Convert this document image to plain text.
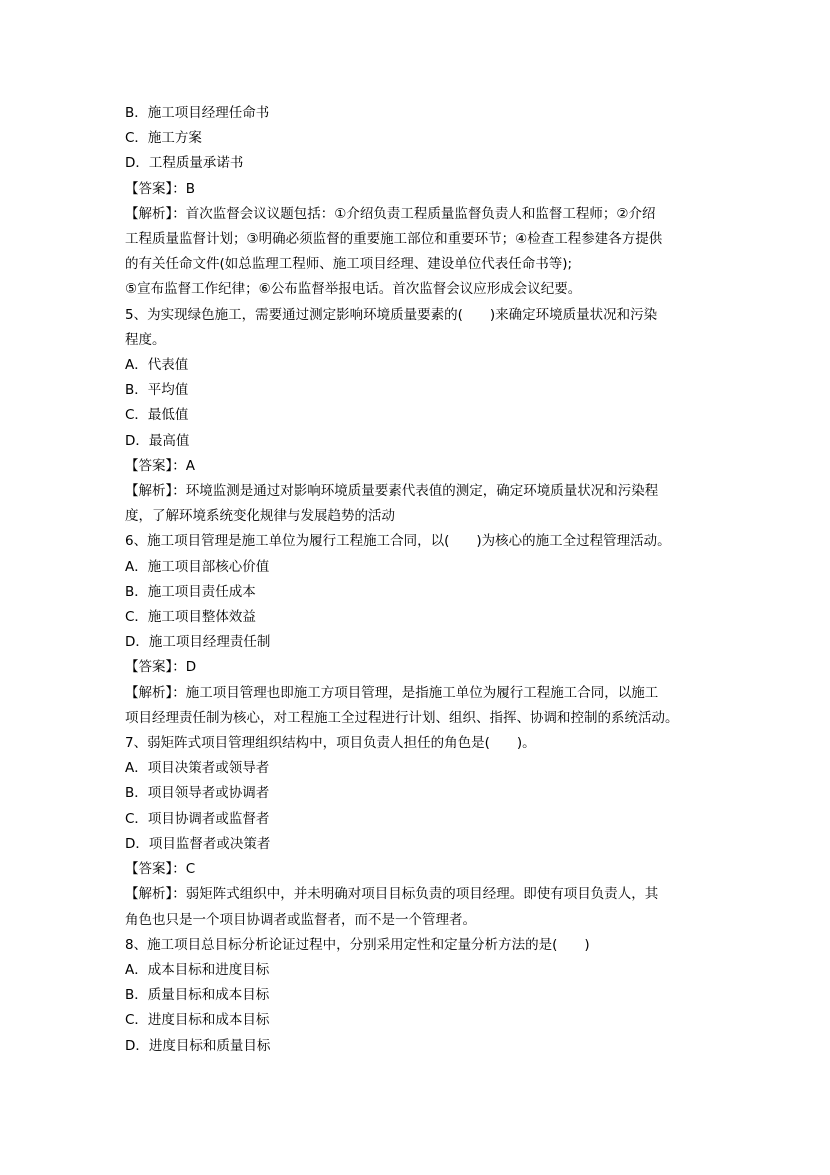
B．施工项目经理任命书

C．施工方案

D．工程质量承诺书

【答案】：B

【解析】：首次监督会议议题包括：①介绍负责工程质量监督负责人和监督工程师；②介绍

工程质量监督计划；③明确必须监督的重要施工部位和重要环节；④检查工程参建各方提供

的有关任命文件(如总监理工程师、施工项目经理、建设单位代表任命书等);

⑤宣布监督工作纪律；⑥公布监督举报电话。首次监督会议应形成会议纪要。

5、为实现绿色施工，需要通过测定影响环境质量要素的(　　)来确定环境质量状况和污染

程度。

A．代表值

B．平均值

C．最低值

D．最高值

【答案】：A

【解析】：环境监测是通过对影响环境质量要素代表值的测定，确定环境质量状况和污染程

度，了解环境系统变化规律与发展趋势的活动

6、施工项目管理是施工单位为履行工程施工合同，以(　　)为核心的施工全过程管理活动。

A．施工项目部核心价值

B．施工项目责任成本

C．施工项目整体效益

D．施工项目经理责任制

【答案】：D

【解析】：施工项目管理也即施工方项目管理，是指施工单位为履行工程施工合同，以施工

项目经理责任制为核心，对工程施工全过程进行计划、组织、指挥、协调和控制的系统活动。

7、弱矩阵式项目管理组织结构中，项目负责人担任的角色是(　　)。

A．项目决策者或领导者

B．项目领导者或协调者

C．项目协调者或监督者

D．项目监督者或决策者

【答案】：C

【解析】：弱矩阵式组织中，并未明确对项目目标负责的项目经理。即使有项目负责人，其

角色也只是一个项目协调者或监督者，而不是一个管理者。

8、施工项目总目标分析论证过程中，分别采用定性和定量分析方法的是(　　)

A．成本目标和进度目标

B．质量目标和成本目标

C．进度目标和成本目标

D．进度目标和质量目标
